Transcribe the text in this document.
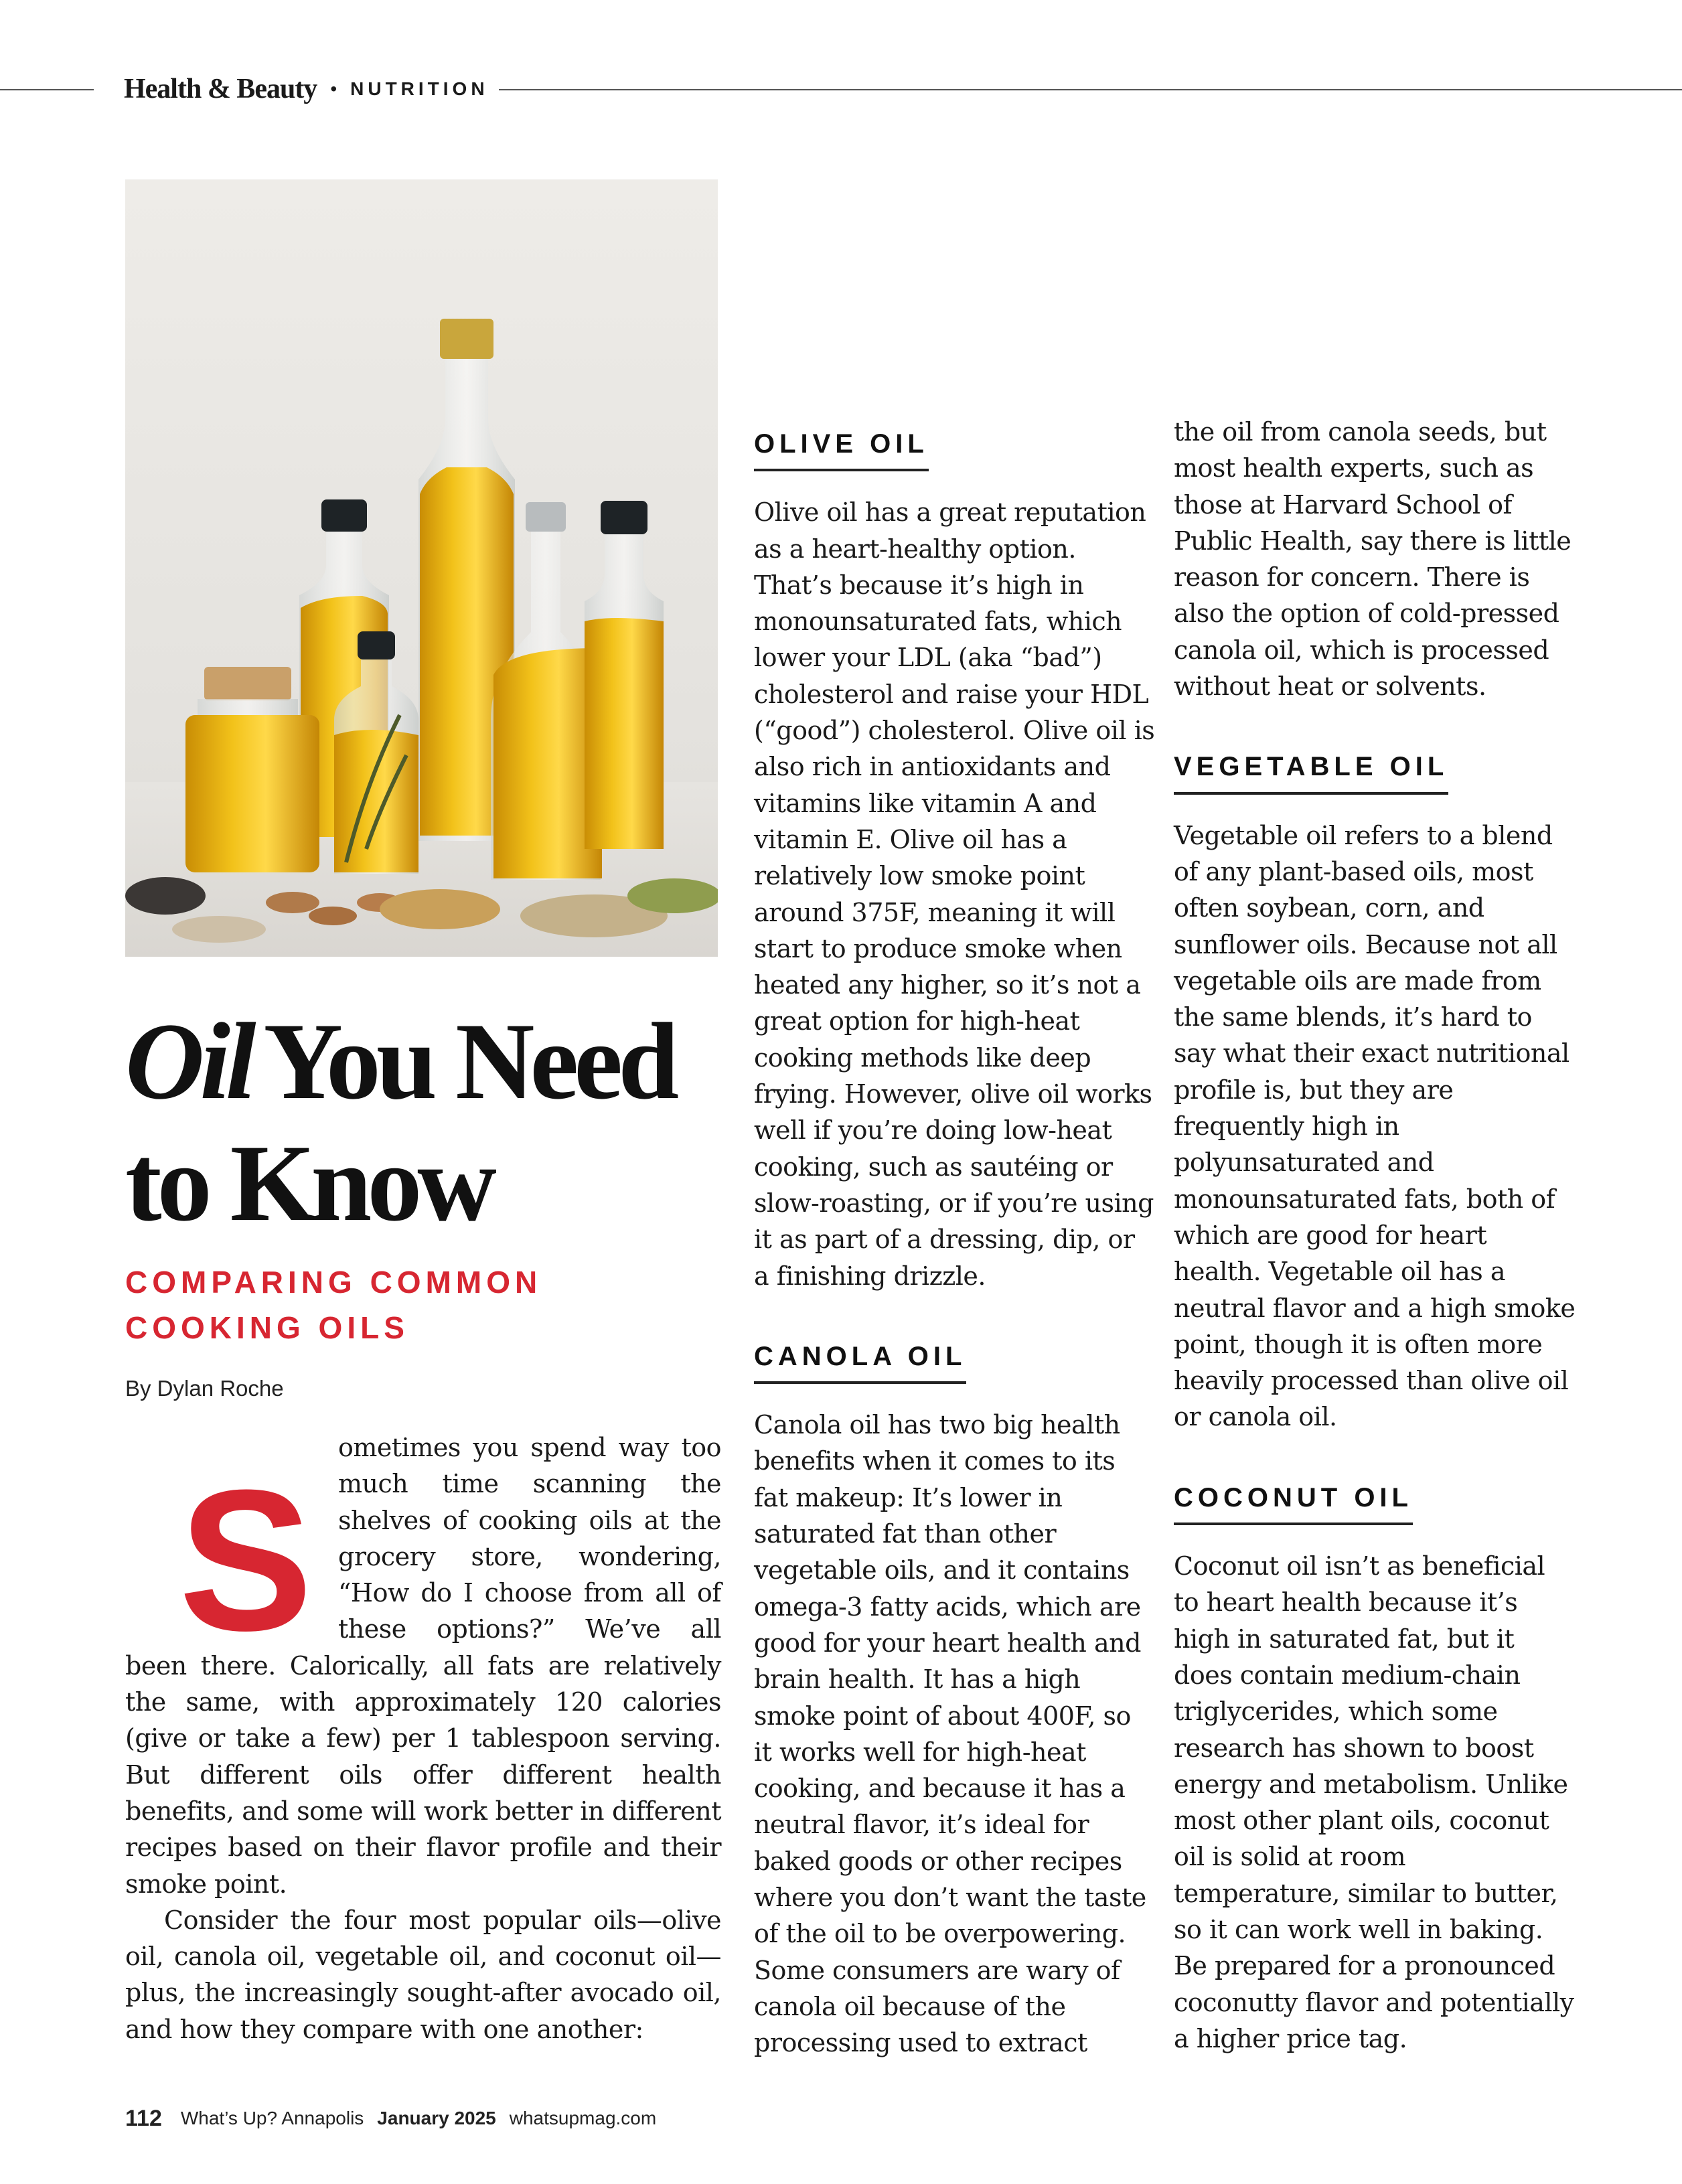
Health & Beauty • NUTRITION
Oil You Need
to Know
COMPARING COMMON
COOKING OILS
By Dylan Roche
S	ometimes you spend way too much time scanning the shelves of cooking oils at the grocery store, wondering, “How do I choose from all of these options?” We’ve all been there. Calorically, all fats are relatively the same, with approximately 120 calories (give or take a few) per 1 tablespoon serving. But different oils offer different health benefits, and some will work better in different recipes based on their flavor profile and their smoke point.

Consider the four most popular oils—olive oil, canola oil, vegetable oil, and coconut oil—plus, the increasingly sought-after avocado oil, and how they compare with one another:

OLIVE OIL

Olive oil has a great reputation as a heart-healthy option. That’s because it’s high in monounsaturated fats, which lower your LDL (aka “bad”) cholesterol and raise your HDL (“good”) cholesterol. Olive oil is also rich in antioxidants and vitamins like vitamin A and vitamin E. Olive oil has a relatively low smoke point around 375F, meaning it will start to produce smoke when heated any higher, so it’s not a great option for high-heat cooking methods like deep frying. However, olive oil works well if you’re doing low-heat cooking, such as sautéing or slow-roasting, or if you’re using it as part of a dressing, dip, or a finishing drizzle.

CANOLA OIL

Canola oil has two big health benefits when it comes to its fat makeup: It’s lower in saturated fat than other vegetable oils, and it contains omega-3 fatty acids, which are good for your heart health and brain health. It has a high smoke point of about 400F, so it works well for high-heat cooking, and because it has a neutral flavor, it’s ideal for baked goods or other recipes where you don’t want the taste of the oil to be overpowering. Some consumers are wary of canola oil because of the processing used to extract

the oil from canola seeds, but most health experts, such as those at Harvard School of Public Health, say there is little reason for concern. There is also the option of cold-pressed canola oil, which is processed without heat or solvents.

VEGETABLE OIL

Vegetable oil refers to a blend of any plant-based oils, most often soybean, corn, and sunflower oils. Because not all vegetable oils are made from the same blends, it’s hard to say what their exact nutritional profile is, but they are frequently high in polyunsaturated and monounsaturated fats, both of which are good for heart health. Vegetable oil has a neutral flavor and a high smoke point, though it is often more heavily processed than olive oil or canola oil.

COCONUT OIL

Coconut oil isn’t as beneficial to heart health because it’s high in saturated fat, but it does contain medium-chain triglycerides, which some research has shown to boost energy and metabolism. Unlike most other plant oils, coconut oil is solid at room temperature, similar to butter, so it can work well in baking. Be prepared for a pronounced coconutty flavor and potentially a higher price tag.

112 What’s Up? Annapolis January 2025 whatsupmag.com
